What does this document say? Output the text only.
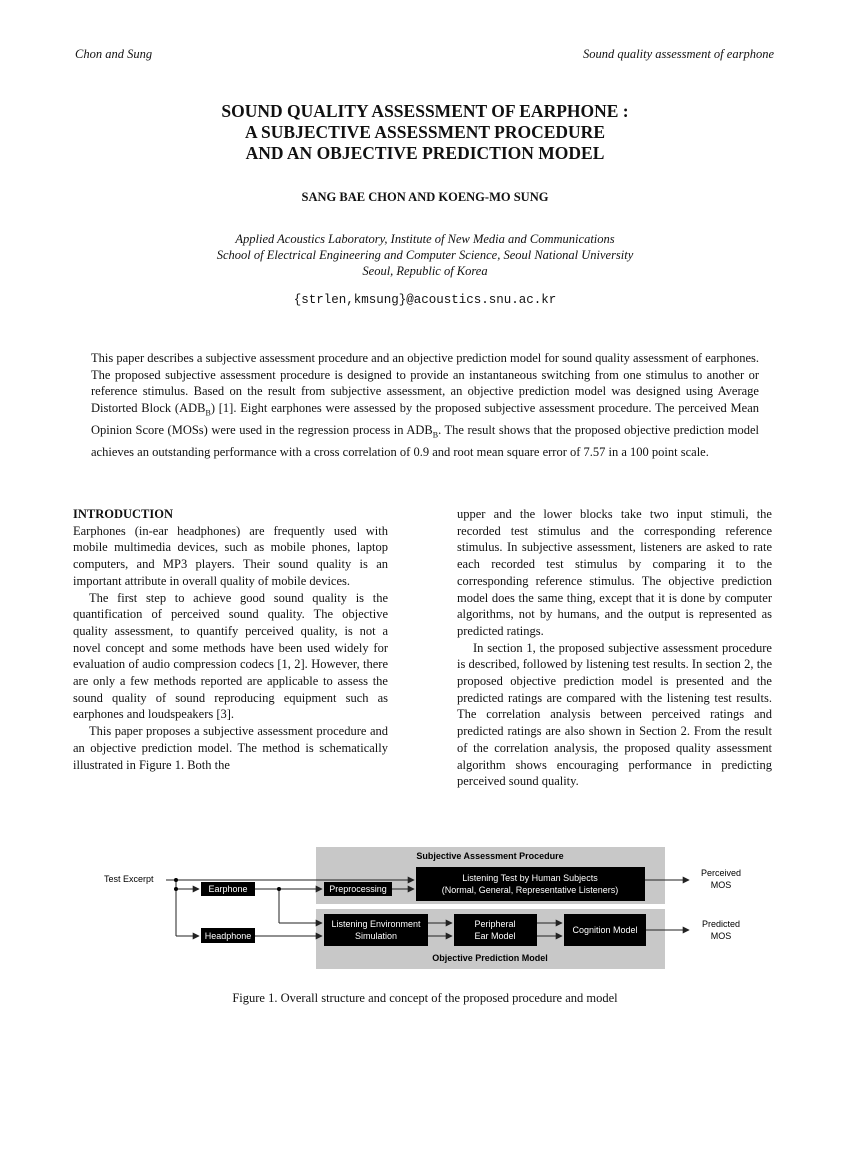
Chon and Sung	Sound quality assessment of earphone
SOUND QUALITY ASSESSMENT OF EARPHONE :
A SUBJECTIVE ASSESSMENT PROCEDURE
AND AN OBJECTIVE PREDICTION MODEL
SANG BAE CHON AND KOENG-MO SUNG
Applied Acoustics Laboratory, Institute of New Media and Communications
School of Electrical Engineering and Computer Science, Seoul National University
Seoul, Republic of Korea
{strlen,kmsung}@acoustics.snu.ac.kr
This paper describes a subjective assessment procedure and an objective prediction model for sound quality assessment of earphones. The proposed subjective assessment procedure is designed to provide an instantaneous switching from one stimulus to another or reference stimulus. Based on the result from subjective assessment, an objective prediction model was designed using Average Distorted Block $(ADB_B)$ [1]. Eight earphones were assessed by the proposed subjective assessment procedure. The perceived Mean Opinion Score (MOSs) were used in the regression process in $ADB_B$. The result shows that the proposed objective prediction model achieves an outstanding performance with a cross correlation of 0.9 and root mean square error of 7.57 in a 100 point scale.
INTRODUCTION

Earphones (in-ear headphones) are frequently used with mobile multimedia devices, such as mobile phones, laptop computers, and MP3 players. Their sound quality is an important attribute in overall quality of mobile devices.

The first step to achieve good sound quality is the quantification of perceived sound quality. The objective quality assessment, to quantify perceived quality, is not a novel concept and some methods have been used widely for evaluation of audio compression codecs [1, 2]. However, there are only a few methods reported are applicable to assess the sound quality of sound reproducing equipment such as earphones and loudspeakers [3].

This paper proposes a subjective assessment procedure and an objective prediction model. The method is schematically illustrated in Figure 1. Both the

upper and the lower blocks take two input stimuli, the recorded test stimulus and the corresponding reference stimulus. In subjective assessment, listeners are asked to rate each recorded test stimulus by comparing it to the corresponding reference stimulus. The objective prediction model does the same thing, except that it is done by computer algorithms, not by humans, and the output is represented as predicted ratings.

In section 1, the proposed subjective assessment procedure is described, followed by listening test results. In section 2, the proposed objective prediction model is presented and the predicted ratings are compared with the listening test results. The correlation analysis between perceived ratings and predicted ratings are also shown in Section 2. From the result of the correlation analysis, the proposed quality assessment algorithm shows encouraging performance in predicting perceived sound quality.

Subjective Assessment Procedure
Objective Prediction Model
Test Excerpt
Earphone
Headphone
Preprocessing
Listening Test by Human Subjects
(Normal, General, Representative Listeners)
Listening Environment
Simulation
Peripheral
Ear Model
Cognition Model
Perceived
MOS
Predicted
MOS
Figure 1. Overall structure and concept of the proposed procedure and model
